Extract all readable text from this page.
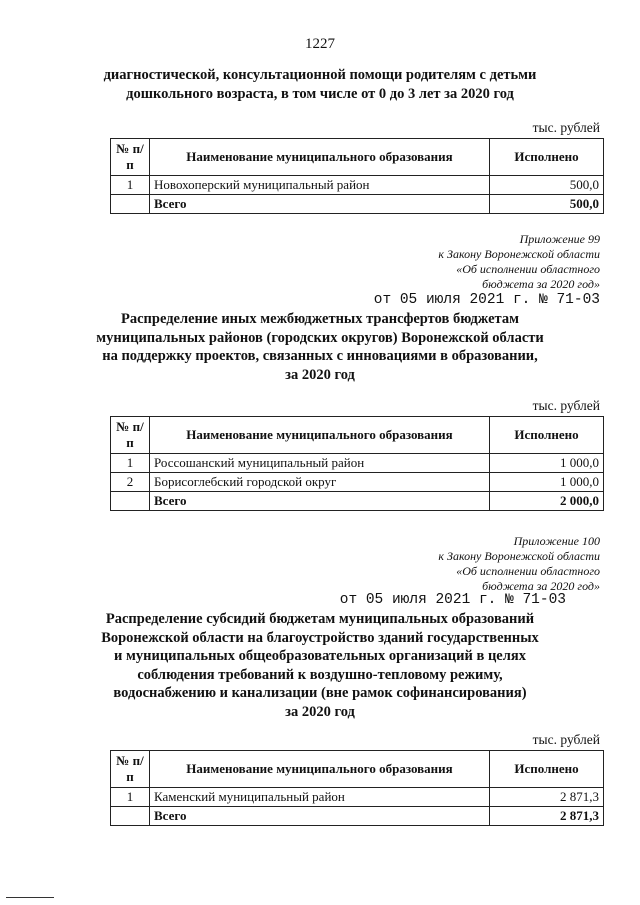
1227
диагностической, консультационной помощи родителям с детьми
дошкольного возраста, в том числе от 0 до 3 лет за 2020 год
тыс. рублей
№ п/п	Наименование муниципального образования	Исполнено
1	Новохоперский муниципальный район	500,0
	Всего	500,0
Приложение 99
к Закону Воронежской области
«Об исполнении областного
бюджета за 2020 год»
от 05 июля 2021 г. № 71-03
Распределение иных межбюджетных трансфертов бюджетам
муниципальных районов (городских округов) Воронежской области
на поддержку проектов, связанных с инновациями в образовании,
за 2020 год
тыс. рублей
№ п/п	Наименование муниципального образования	Исполнено
1	Россошанский муниципальный район	1 000,0
2	Борисоглебский городской округ	1 000,0
	Всего	2 000,0
Приложение 100
к Закону Воронежской области
«Об исполнении областного
бюджета за 2020 год»
от 05 июля 2021 г. № 71-03
Распределение субсидий бюджетам муниципальных образований
Воронежской области на благоустройство зданий государственных
и муниципальных общеобразовательных организаций в целях
соблюдения требований к воздушно-тепловому режиму,
водоснабжению и канализации (вне рамок софинансирования)
за 2020 год
тыс. рублей
№ п/п	Наименование муниципального образования	Исполнено
1	Каменский муниципальный район	2 871,3
	Всего	2 871,3
